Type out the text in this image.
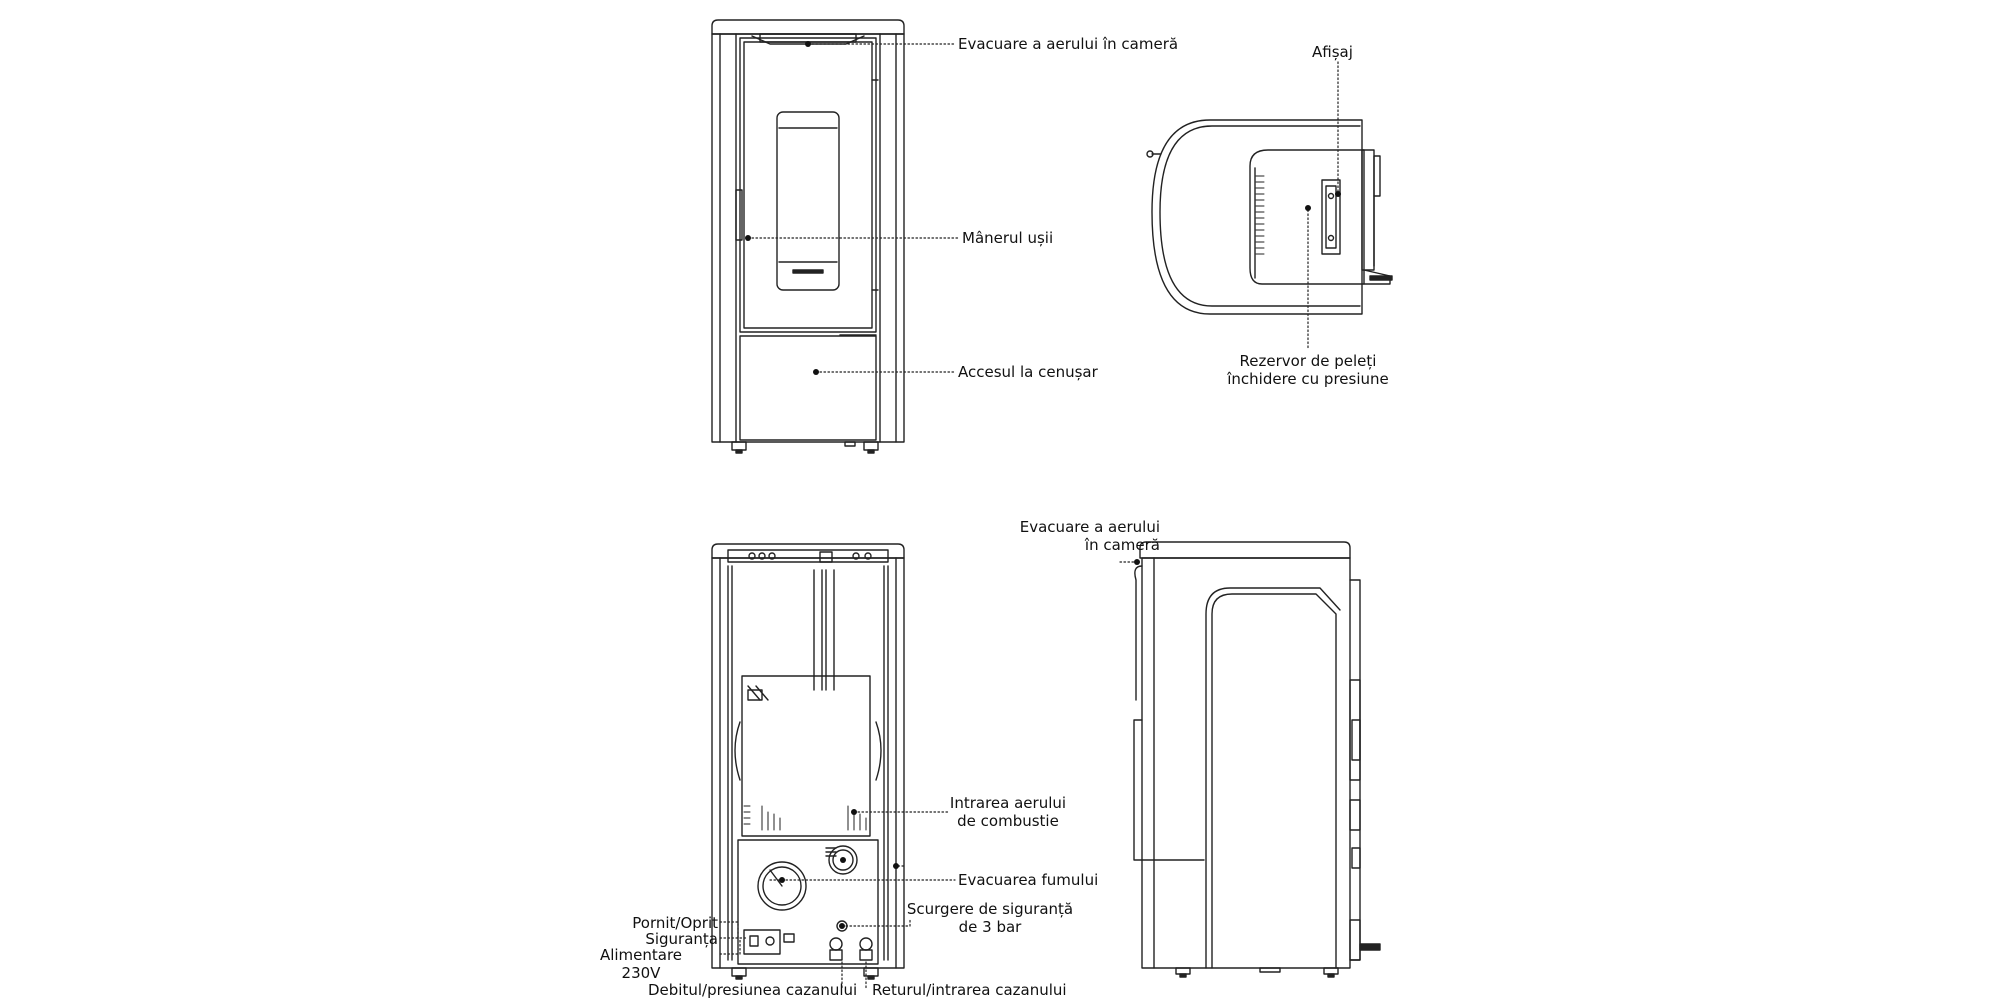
Evacuare a aerului în cameră
Mânerul ușii
Accesul la cenușar
Afișaj
Rezervor de peleți
închidere cu presiune
Evacuare a aerului
în cameră
Intrarea aerului
de combustie
Evacuarea fumului
Scurgere de siguranță
de 3 bar
Pornit/Oprit
Siguranța
Alimentare
230V
Debitul/presiunea cazanului Returul/intrarea cazanului
